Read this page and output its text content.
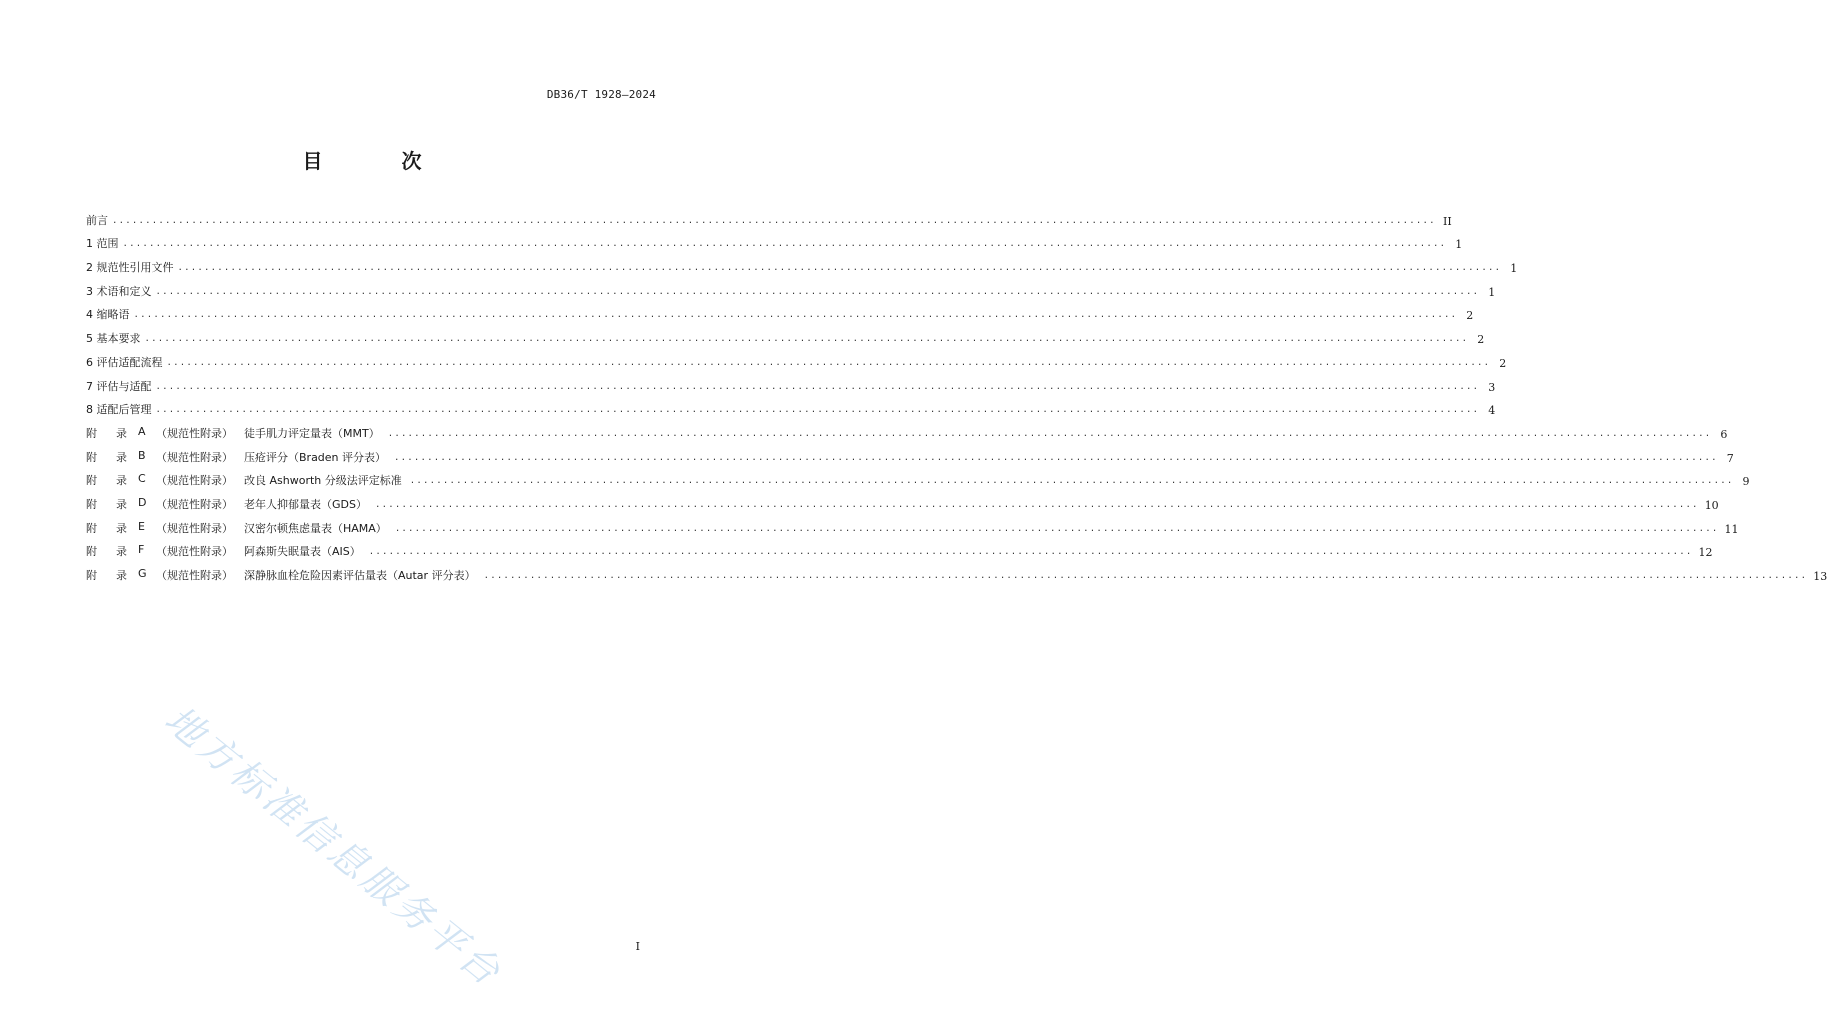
DB36/T 1928—2024
目 次
前言 ........................................................................................................................................................................................................ II
1 范围 ........................................................................................................................................................................................................ 1
2 规范性引用文件 ........................................................................................................................................................................................................ 1
3 术语和定义 ........................................................................................................................................................................................................ 1
4 缩略语 ........................................................................................................................................................................................................ 2
5 基本要求 ........................................................................................................................................................................................................ 2
6 评估适配流程 ........................................................................................................................................................................................................ 2
7 评估与适配 ........................................................................................................................................................................................................ 3
8 适配后管理 ........................................................................................................................................................................................................ 4
附	录	A （规范性附录）	徒手肌力评定量表（MMT） ........................................................................................................................................................................................................ 6
附	录	B （规范性附录）	压疮评分（Braden 评分表） ........................................................................................................................................................................................................ 7
附	录	C （规范性附录）	改良 Ashworth 分级法评定标准 ........................................................................................................................................................................................................ 9
附	录	D （规范性附录）	老年人抑郁量表（GDS） ........................................................................................................................................................................................................ 10
附	录	E	（规范性附录）	汉密尔顿焦虑量表（HAMA） ........................................................................................................................................................................................................ 11
附	录	F	（规范性附录）	阿森斯失眠量表（AIS） ........................................................................................................................................................................................................ 12
附	录	G （规范性附录）	深静脉血栓危险因素评估量表（Autar 评分表） ........................................................................................................................................................................................................ 13
地方标准信息服务平台	I
